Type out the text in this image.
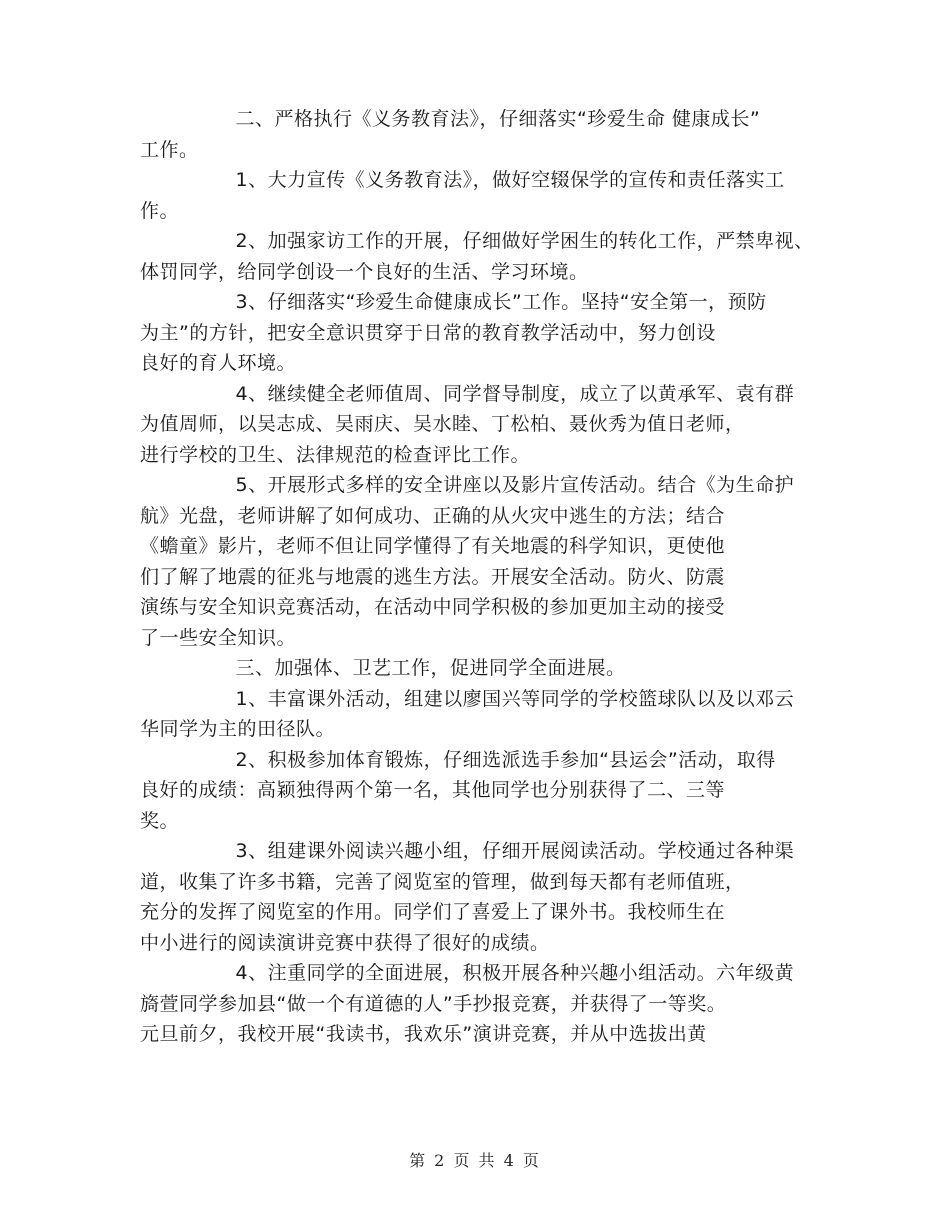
二、严格执行《义务教育法》，仔细落实“珍爱生命 健康成长”
工作。

1、大力宣传《义务教育法》，做好空辍保学的宣传和责任落实工
作。

2、加强家访工作的开展，仔细做好学困生的转化工作，严禁卑视、
体罚同学，给同学创设一个良好的生活、学习环境。

3、仔细落实“珍爱生命健康成长”工作。坚持“安全第一，预防
为主”的方针，把安全意识贯穿于日常的教育教学活动中，努力创设
良好的育人环境。

4、继续健全老师值周、同学督导制度，成立了以黄承军、袁有群
为值周师，以吴志成、吴雨庆、吴水睦、丁松柏、聂伙秀为值日老师，
进行学校的卫生、法律规范的检查评比工作。

5、开展形式多样的安全讲座以及影片宣传活动。结合《为生命护
航》光盘，老师讲解了如何成功、正确的从火灾中逃生的方法；结合
《蟾童》影片，老师不但让同学懂得了有关地震的科学知识，更使他
们了解了地震的征兆与地震的逃生方法。开展安全活动。防火、防震
演练与安全知识竞赛活动，在活动中同学积极的参加更加主动的接受
了一些安全知识。

三、加强体、卫艺工作，促进同学全面进展。

1、丰富课外活动，组建以廖国兴等同学的学校篮球队以及以邓云
华同学为主的田径队。

2、积极参加体育锻炼，仔细选派选手参加“县运会”活动，取得
良好的成绩：高颖独得两个第一名，其他同学也分别获得了二、三等
奖。

3、组建课外阅读兴趣小组，仔细开展阅读活动。学校通过各种渠
道，收集了许多书籍，完善了阅览室的管理，做到每天都有老师值班，
充分的发挥了阅览室的作用。同学们了喜爱上了课外书。我校师生在
中小进行的阅读演讲竞赛中获得了很好的成绩。

4、注重同学的全面进展，积极开展各种兴趣小组活动。六年级黄
旖萱同学参加县“做一个有道德的人”手抄报竞赛，并获得了一等奖。
元旦前夕，我校开展“我读书，我欢乐”演讲竞赛，并从中选拔出黄

第 2 页 共 4 页
